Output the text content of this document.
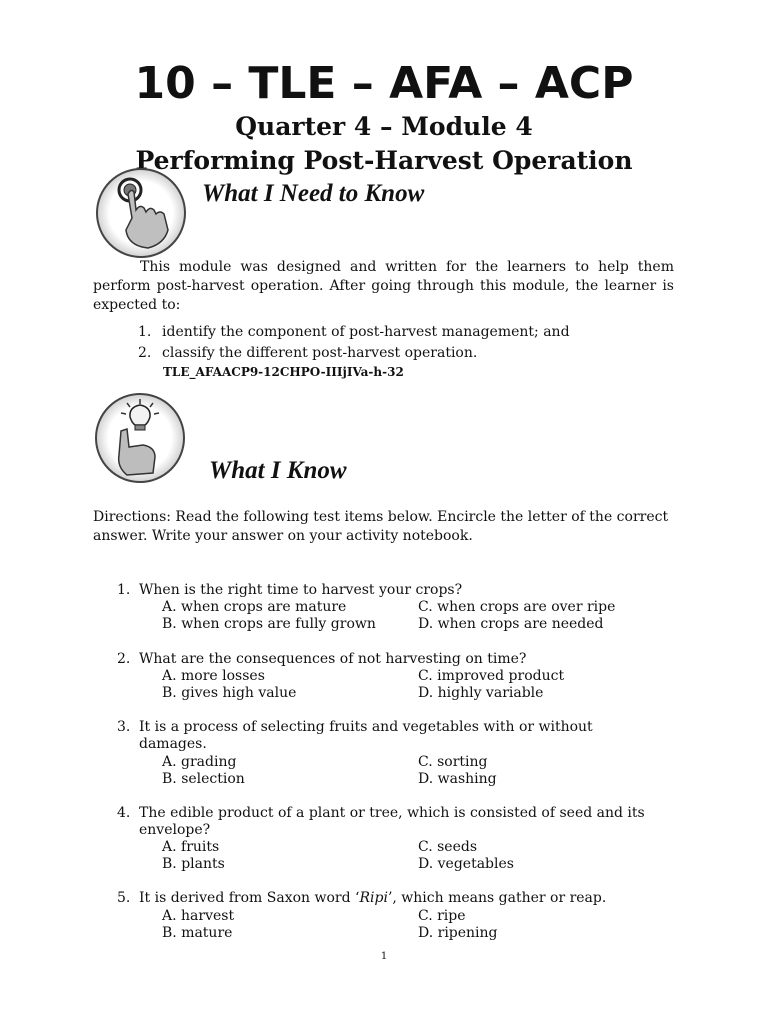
10 – TLE – AFA – ACP
Quarter 4 – Module 4
Performing Post-Harvest Operation
What I Need to Know
This module was designed and written for the learners to help them perform post-harvest operation. After going through this module, the learner is expected to:
1. identify the component of post-harvest management; and
2. classify the different post-harvest operation.
TLE_AFAACP9-12CHPO-IIIjIVa-h-32
What I Know
Directions: Read the following test items below. Encircle the letter of the correct answer. Write your answer on your activity notebook.
1. When is the right time to harvest your crops?
A. when crops are mature
B. when crops are fully grown
C. when crops are over ripe
D. when crops are needed
2. What are the consequences of not harvesting on time?
A. more losses
B. gives high value
C. improved product
D. highly variable
3. It is a process of selecting fruits and vegetables with or without damages.
A. grading
B. selection
C. sorting
D. washing
4. The edible product of a plant or tree, which is consisted of seed and its envelope?
A. fruits
B. plants
C. seeds
D. vegetables
5. It is derived from Saxon word ‘Ripi’, which means gather or reap.
A. harvest
B. mature
C. ripe
D. ripening
1
